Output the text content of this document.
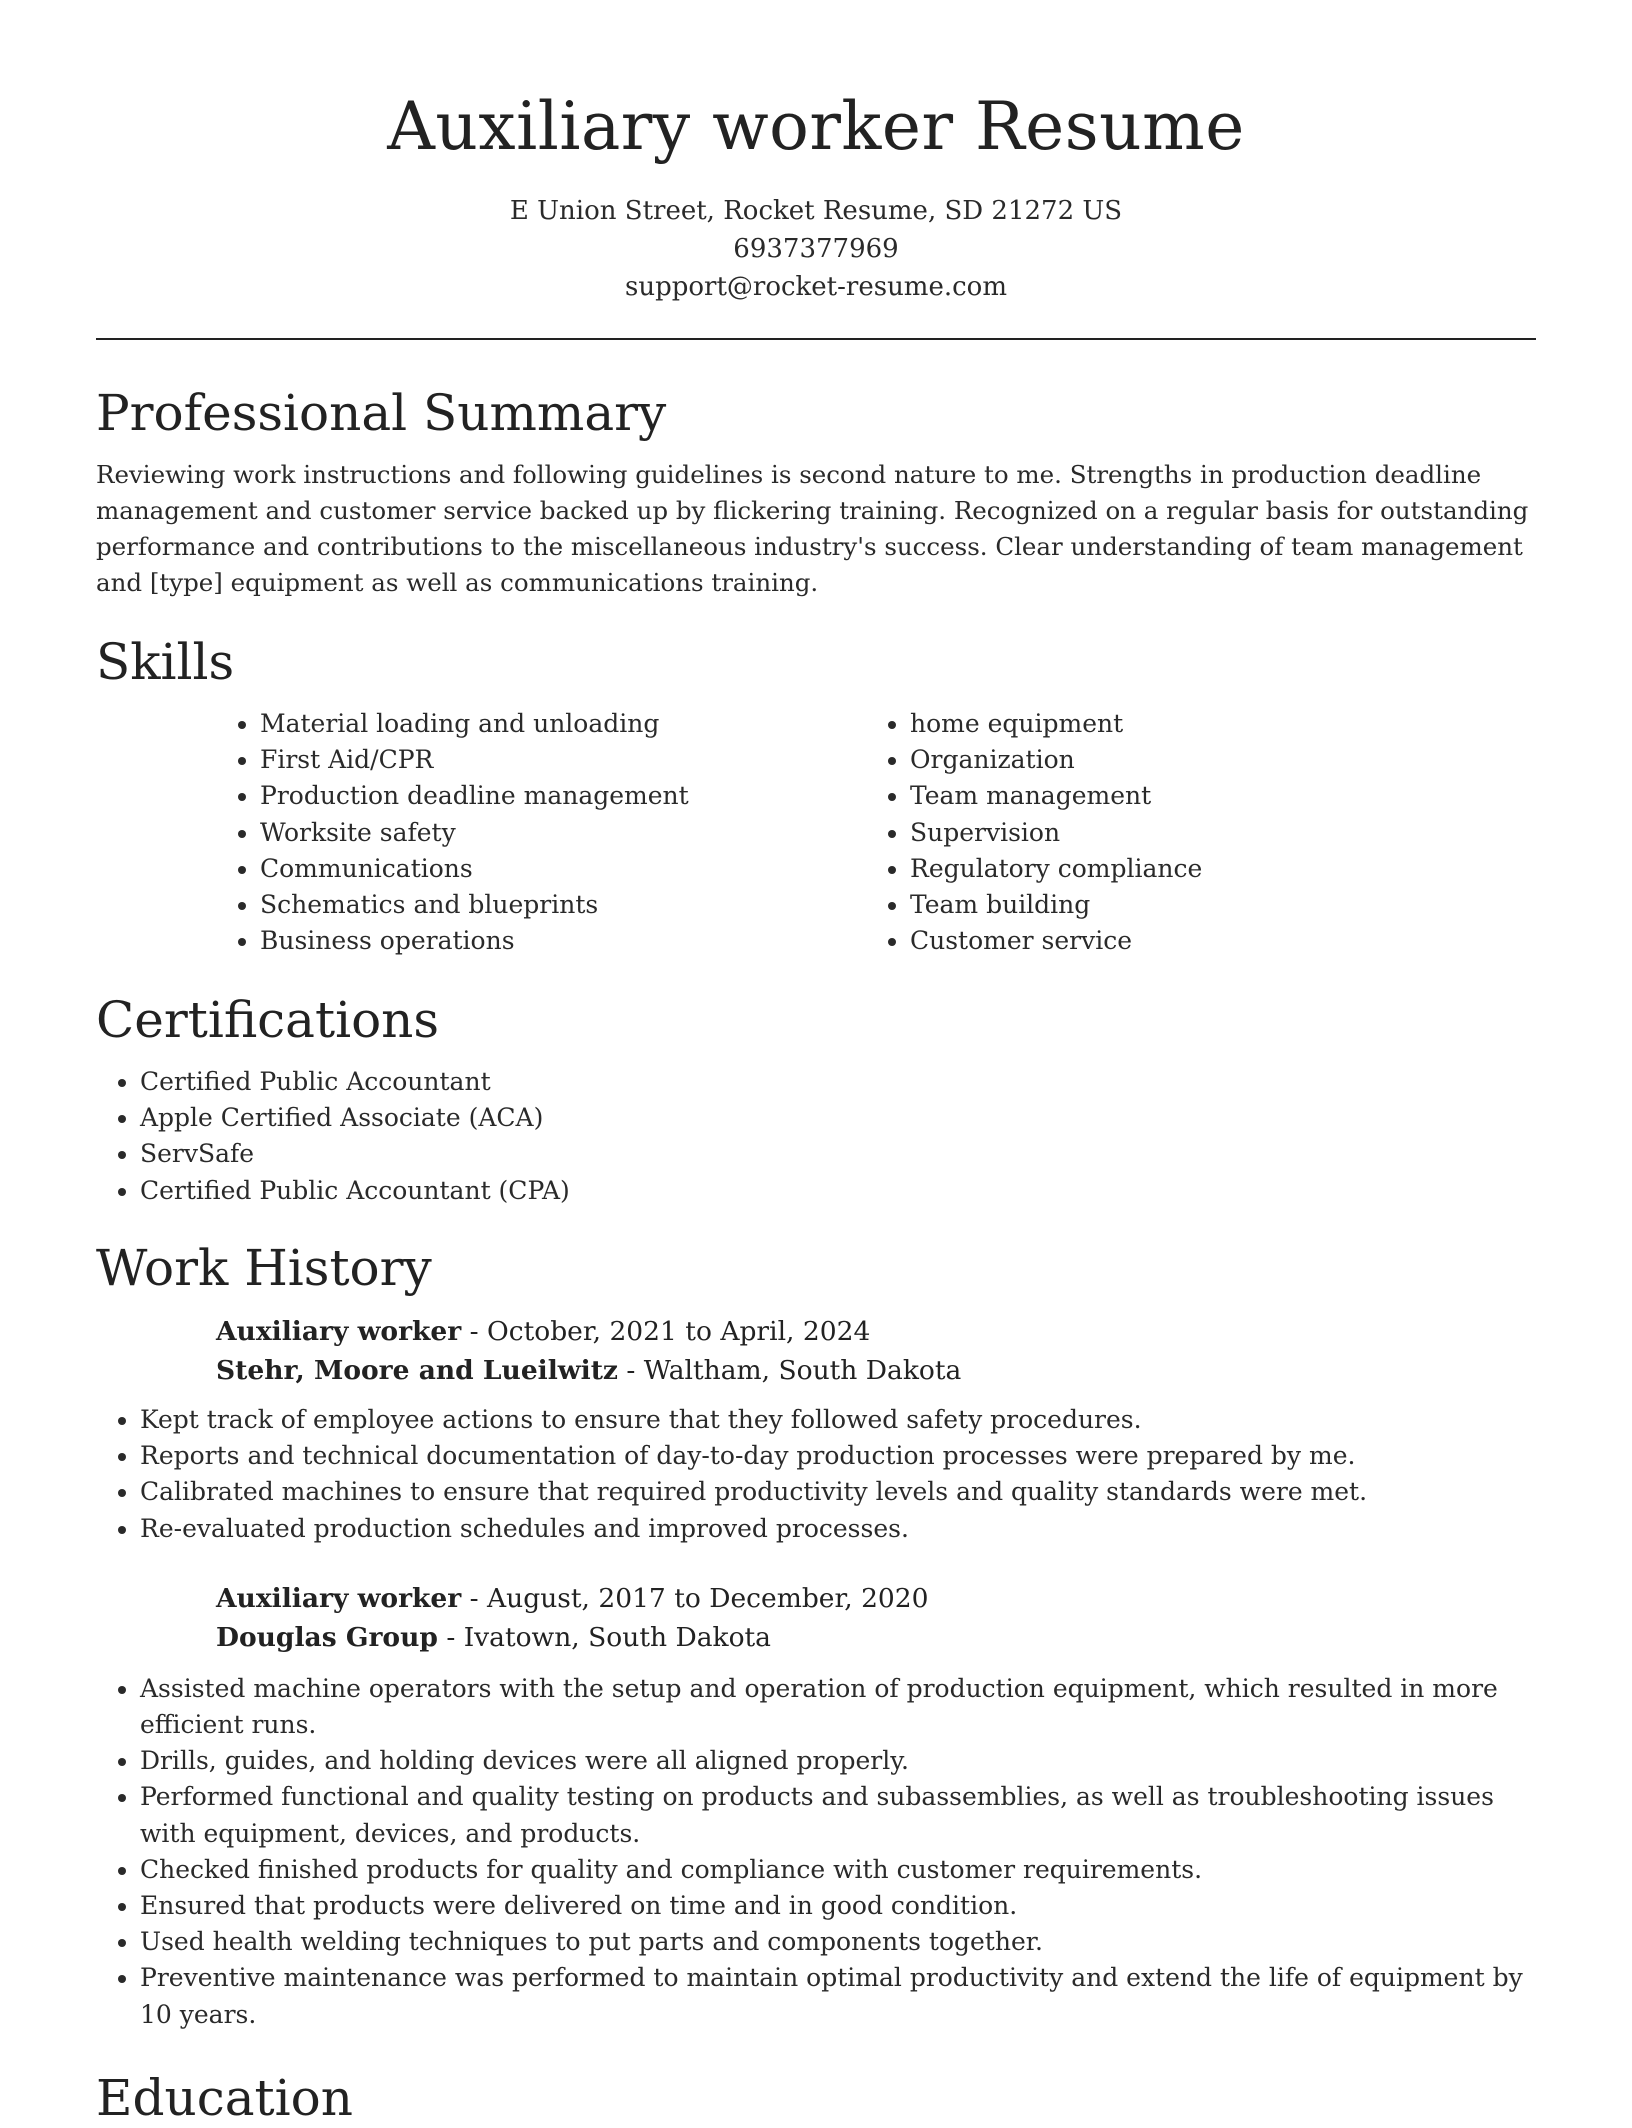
Auxiliary worker Resume
E Union Street, Rocket Resume, SD 21272 US
6937377969
support@rocket-resume.com
Professional Summary

Reviewing work instructions and following guidelines is second nature to me. Strengths in production deadline management and customer service backed up by flickering training. Recognized on a regular basis for outstanding performance and contributions to the miscellaneous industry's success. Clear understanding of team management and [type] equipment as well as communications training.

Skills
• Material loading and unloading
• First Aid/CPR
• Production deadline management
• Worksite safety
• Communications
• Schematics and blueprints
• Business operations
• home equipment
• Organization
• Team management
• Supervision
• Regulatory compliance
• Team building
• Customer service
Certifications
• Certified Public Accountant
• Apple Certified Associate (ACA)
• ServSafe
• Certified Public Accountant (CPA)
Work History
Auxiliary worker - October, 2021 to April, 2024
Stehr, Moore and Lueilwitz - Waltham, South Dakota
• Kept track of employee actions to ensure that they followed safety procedures.
• Reports and technical documentation of day-to-day production processes were prepared by me.
• Calibrated machines to ensure that required productivity levels and quality standards were met.
• Re-evaluated production schedules and improved processes.
Auxiliary worker - August, 2017 to December, 2020
Douglas Group - Ivatown, South Dakota
• Assisted machine operators with the setup and operation of production equipment, which resulted in more efficient runs.
• Drills, guides, and holding devices were all aligned properly.
• Performed functional and quality testing on products and subassemblies, as well as troubleshooting issues with equipment, devices, and products.
• Checked finished products for quality and compliance with customer requirements.
• Ensured that products were delivered on time and in good condition.
• Used health welding techniques to put parts and components together.
• Preventive maintenance was performed to maintain optimal productivity and extend the life of equipment by 10 years.
Education
